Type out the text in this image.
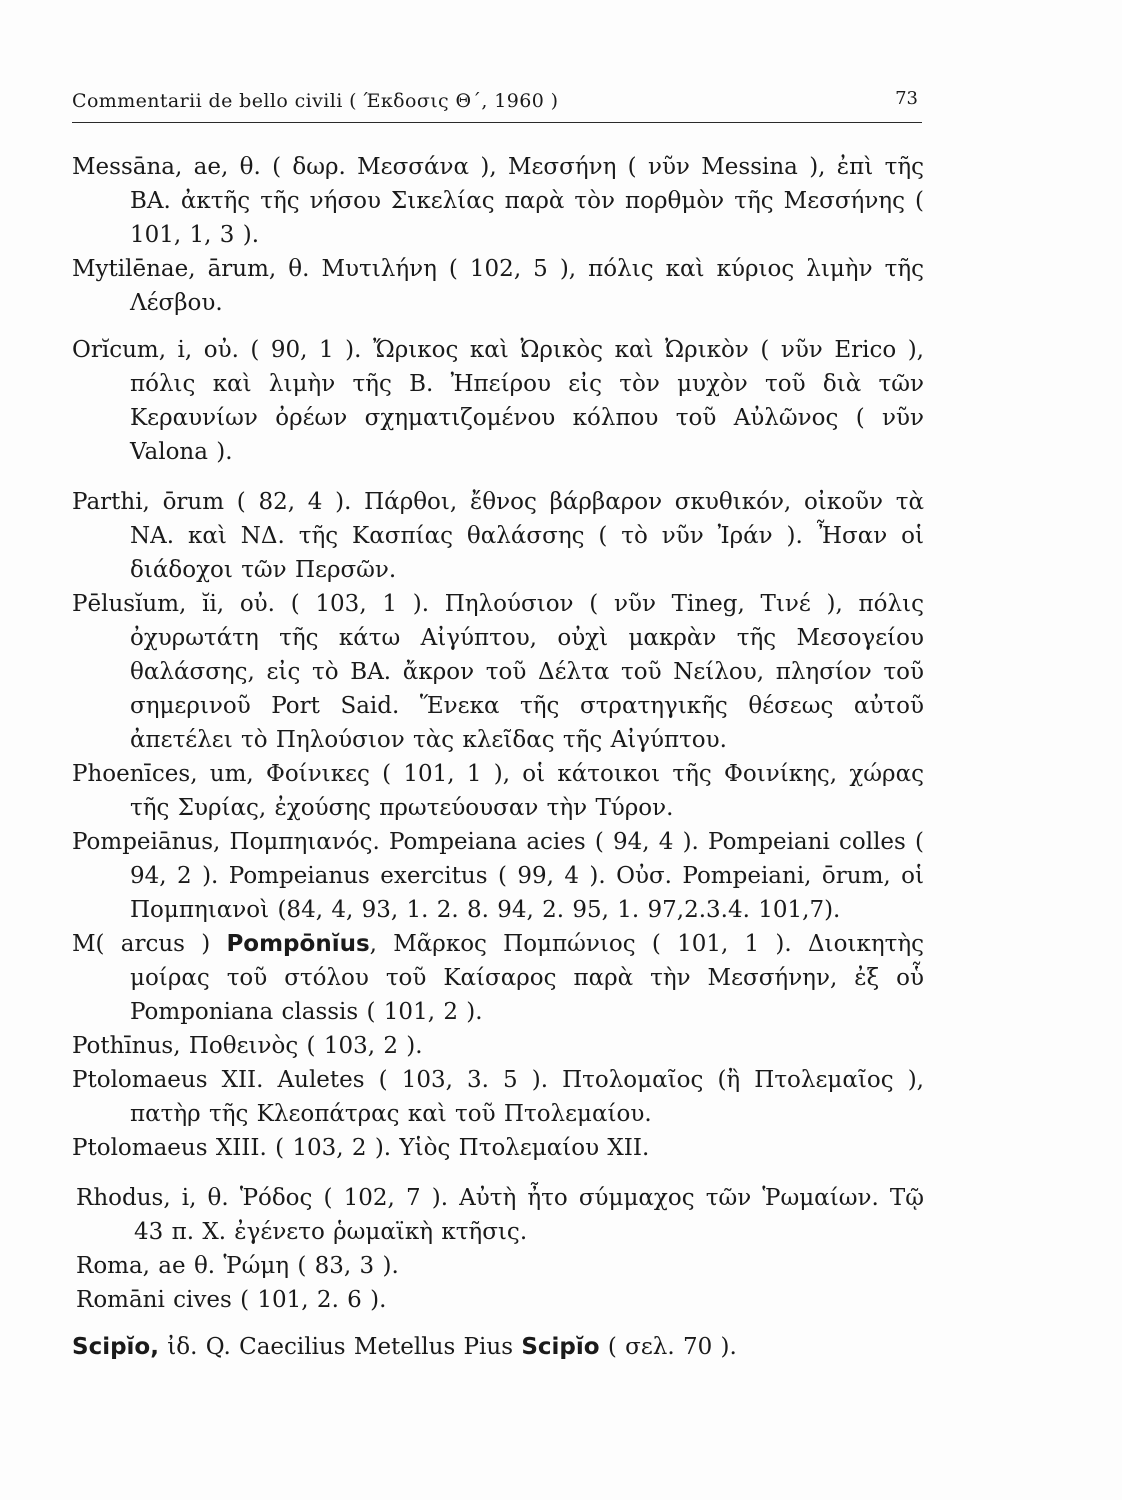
Commentarii de bello civili ( Έκδοσις Θ΄, 1960 )	73

Messāna, ae, θ. ( δωρ. Μεσσάνα ), Μεσσήνη ( νῦν Messina ), ἐπὶ τῆς ΒΑ. ἀκτῆς τῆς νήσου Σικελίας παρὰ τὸν πορθμὸν τῆς Μεσσήνης ( 101, 1, 3 ).

Mytilēnae, ārum, θ. Μυτιλήνη ( 102, 5 ), πόλις καὶ κύριος λιμὴν τῆς Λέσβου.

Orĭcum, i, οὐ. ( 90, 1 ). Ὤρικος καὶ Ὠρικὸς καὶ Ὠρικὸν ( νῦν Erico ), πόλις καὶ λιμὴν τῆς Β. Ἠπείρου εἰς τὸν μυχὸν τοῦ διὰ τῶν Κεραυνίων ὀρέων σχηματιζομένου κόλπου τοῦ Αὐλῶνος ( νῦν Valona ).

Parthi, ōrum ( 82, 4 ). Πάρθοι, ἔθνος βάρβαρον σκυθικόν, οἰκοῦν τὰ ΝΑ. καὶ ΝΔ. τῆς Κασπίας θαλάσσης ( τὸ νῦν Ἰράν ). Ἦσαν οἱ διάδοχοι τῶν Περσῶν.

Pēlusĭum, ĭi, οὐ. ( 103, 1 ). Πηλούσιον ( νῦν Tineg, Τινέ ), πόλις ὀχυρωτάτη τῆς κάτω Αἰγύπτου, οὐχὶ μακρὰν τῆς Μεσογείου θαλάσσης, εἰς τὸ ΒΑ. ἄκρον τοῦ Δέλτα τοῦ Νείλου, πλησίον τοῦ σημερινοῦ Port Said. Ἕνεκα τῆς στρατηγικῆς θέσεως αὐτοῦ ἀπετέλει τὸ Πηλούσιον τὰς κλεῖδας τῆς Αἰγύπτου.

Phoenīces, um, Φοίνικες ( 101, 1 ), οἱ κάτοικοι τῆς Φοινίκης, χώρας τῆς Συρίας, ἐχούσης πρωτεύουσαν τὴν Τύρον.

Pompeiānus, Πομπηιανός. Pompeiana acies ( 94, 4 ). Pompeiani colles ( 94, 2 ). Pompeianus exercitus ( 99, 4 ). Οὐσ. Pompeiani, ōrum, οἱ Πομπηιανοὶ (84, 4, 93, 1. 2. 8. 94, 2. 95, 1. 97,2.3.4. 101,7).

M( arcus ) Pompōnĭus, Μᾶρκος Πομπώνιος ( 101, 1 ). Διοικητὴς μοίρας τοῦ στόλου τοῦ Καίσαρος παρὰ τὴν Μεσσήνην, ἐξ οὗ Pomponiana classis ( 101, 2 ).

Pothīnus, Ποθεινὸς ( 103, 2 ).

Ptolomaeus XII. Auletes ( 103, 3. 5 ). Πτολομαῖος (ἢ Πτολεμαῖος ), πατὴρ τῆς Κλεοπάτρας καὶ τοῦ Πτολεμαίου.

Ptolomaeus XIII. ( 103, 2 ). Υἱὸς Πτολεμαίου XII.

Rhodus, i, θ. Ῥόδος ( 102, 7 ). Αὐτὴ ἦτο σύμμαχος τῶν Ῥωμαίων. Τῷ 43 π. Χ. ἐγένετο ῥωμαϊκὴ κτῆσις.

Roma, ae θ. Ῥώμη ( 83, 3 ).

Romāni cives ( 101, 2. 6 ).

Scipĭo, ἰδ. Q. Caecilius Metellus Pius Scipĭo ( σελ. 70 ).
